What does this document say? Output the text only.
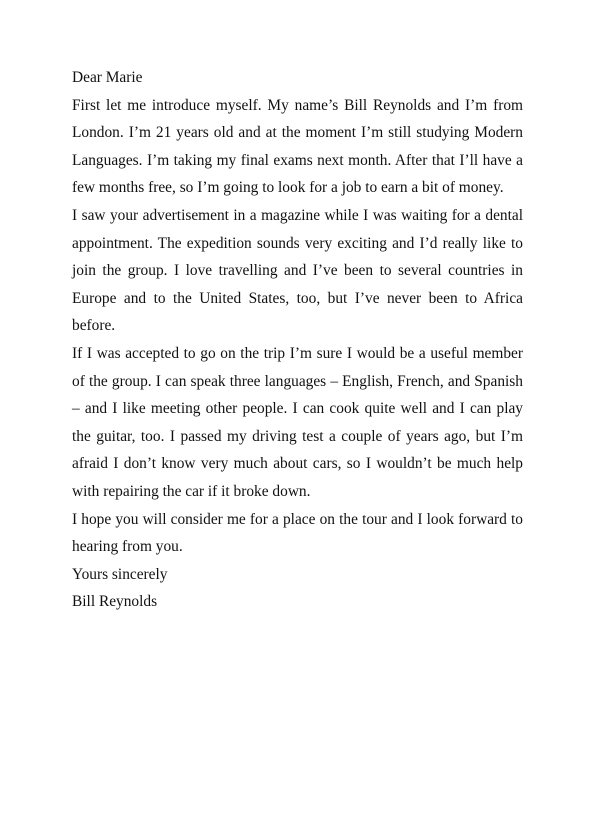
Dear Marie

First let me introduce myself. My name’s Bill Reynolds and I’m from London. I’m 21 years old and at the moment I’m still studying Modern Languages. I’m taking my final exams next month. After that I’ll have a few months free, so I’m going to look for a job to earn a bit of money.

I saw your advertisement in a magazine while I was waiting for a dental appointment. The expedition sounds very exciting and I’d really like to join the group. I love travelling and I’ve been to several countries in Europe and to the United States, too, but I’ve never been to Africa before.

If I was accepted to go on the trip I’m sure I would be a useful member of the group. I can speak three languages – English, French, and Spanish – and I like meeting other people. I can cook quite well and I can play the guitar, too. I passed my driving test a couple of years ago, but I’m afraid I don’t know very much about cars, so I wouldn’t be much help with repairing the car if it broke down.

I hope you will consider me for a place on the tour and I look forward to hearing from you.

Yours sincerely

Bill Reynolds
